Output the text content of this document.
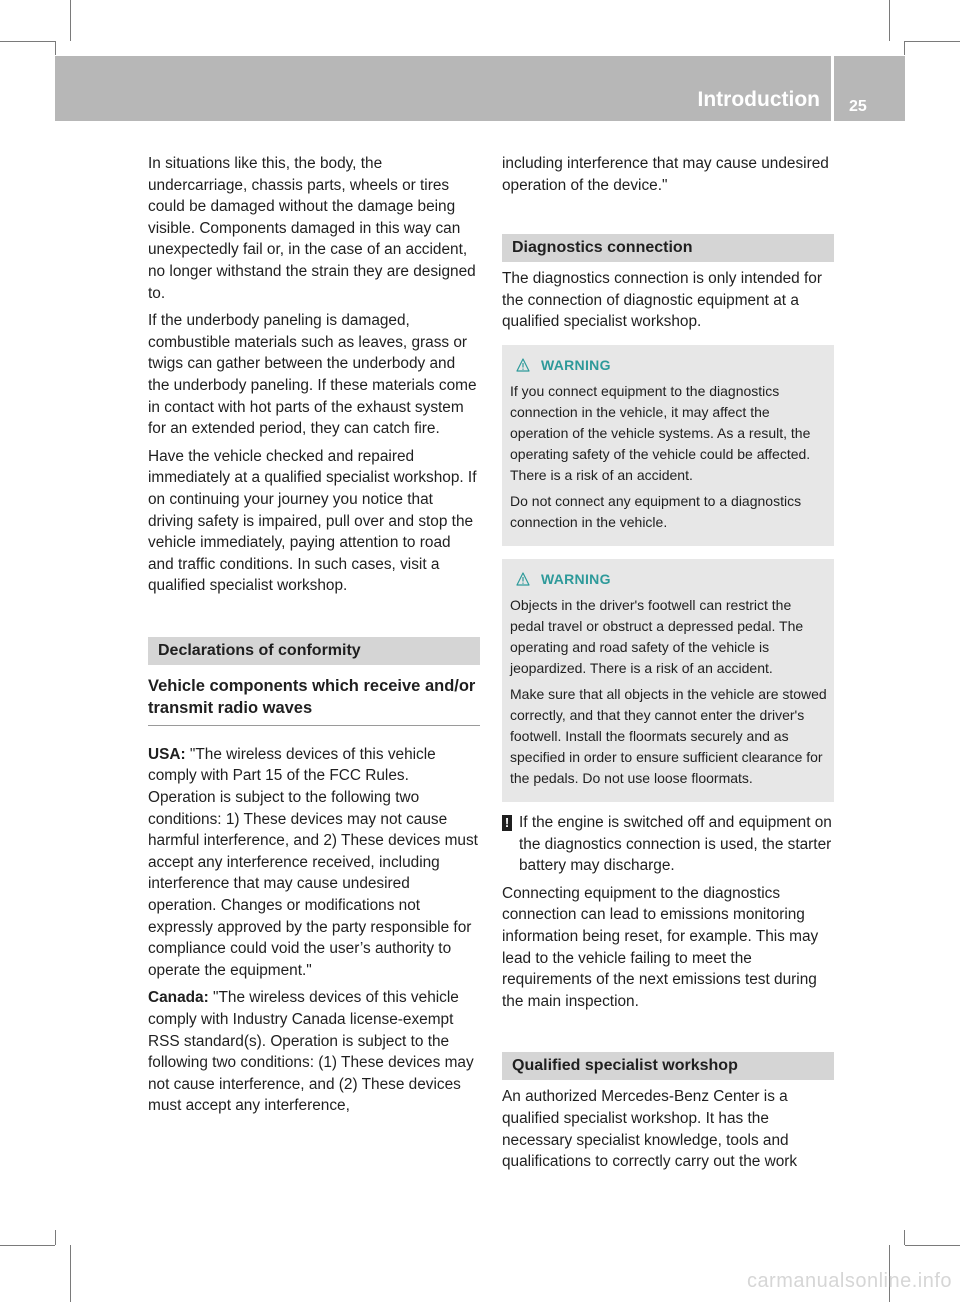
Introduction 25

In situations like this, the body, the undercarriage, chassis parts, wheels or tires could be damaged without the damage being visible. Components damaged in this way can unexpectedly fail or, in the case of an accident, no longer withstand the strain they are designed to.

If the underbody paneling is damaged, combustible materials such as leaves, grass or twigs can gather between the underbody and the underbody paneling. If these materials come in contact with hot parts of the exhaust system for an extended period, they can catch fire.

Have the vehicle checked and repaired immediately at a qualified specialist workshop. If on continuing your journey you notice that driving safety is impaired, pull over and stop the vehicle immediately, paying attention to road and traffic conditions. In such cases, visit a qualified specialist workshop.

Declarations of conformity
Vehicle components which receive and/or transmit radio waves

USA: "The wireless devices of this vehicle comply with Part 15 of the FCC Rules. Operation is subject to the following two conditions: 1) These devices may not cause harmful interference, and 2) These devices must accept any interference received, including interference that may cause undesired operation. Changes or modifications not expressly approved by the party responsible for compliance could void the user’s authority to operate the equipment."

Canada: "The wireless devices of this vehicle comply with Industry Canada license-exempt RSS standard(s). Operation is subject to the following two conditions: (1) These devices may not cause interference, and (2) These devices must accept any interference,

including interference that may cause undesired operation of the device."

Diagnostics connection

The diagnostics connection is only intended for the connection of diagnostic equipment at a qualified specialist workshop.

WARNING

If you connect equipment to the diagnostics connection in the vehicle, it may affect the operation of the vehicle systems. As a result, the operating safety of the vehicle could be affected. There is a risk of an accident.

Do not connect any equipment to a diagnostics connection in the vehicle.

WARNING

Objects in the driver's footwell can restrict the pedal travel or obstruct a depressed pedal. The operating and road safety of the vehicle is jeopardized. There is a risk of an accident.

Make sure that all objects in the vehicle are stowed correctly, and that they cannot enter the driver's footwell. Install the floormats securely and as specified in order to ensure sufficient clearance for the pedals. Do not use loose floormats.

! If the engine is switched off and equipment on the diagnostics connection is used, the starter battery may discharge.

Connecting equipment to the diagnostics connection can lead to emissions monitoring information being reset, for example. This may lead to the vehicle failing to meet the requirements of the next emissions test during the main inspection.

Qualified specialist workshop

An authorized Mercedes-Benz Center is a qualified specialist workshop. It has the necessary specialist knowledge, tools and qualifications to correctly carry out the work

carmanualsonline.info
